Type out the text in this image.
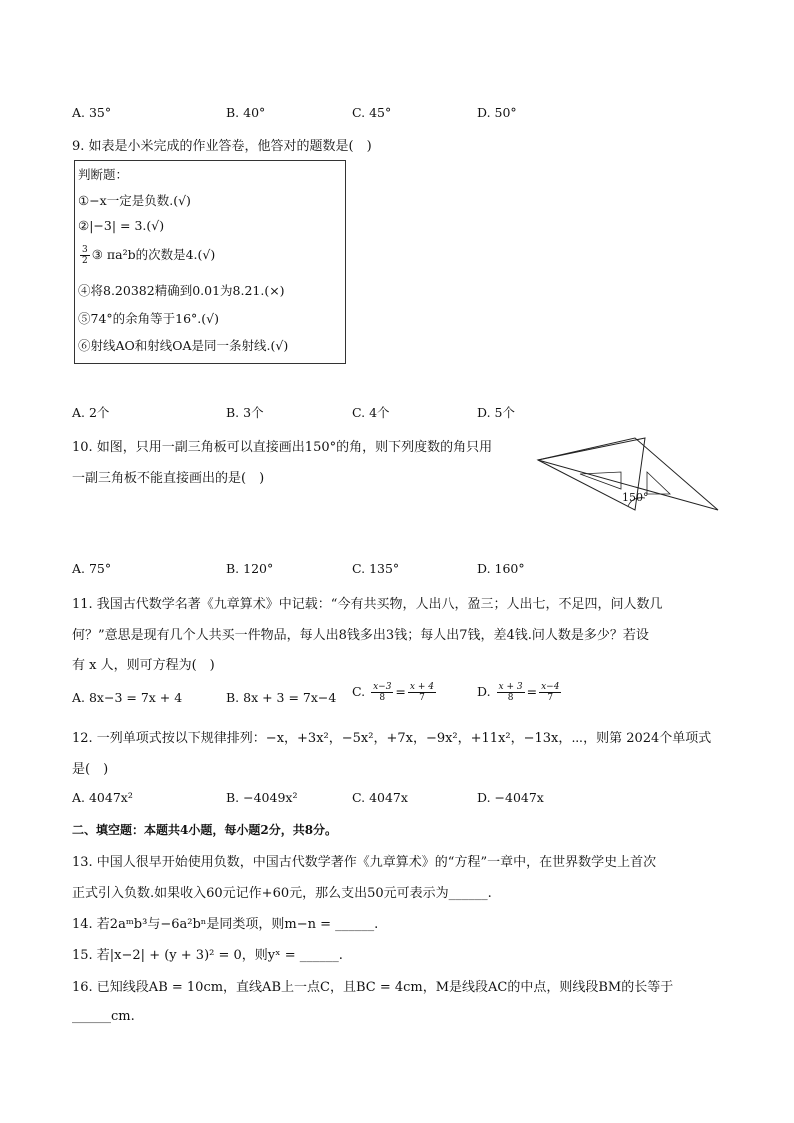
A. 35°	B. 40°	C. 45°	D. 50°
9. 如表是小米完成的作业答卷，他答对的题数是(　)
判断题：
①−x一定是负数.(√)
②|−3| = 3.(√)
$\frac{3}{2}$ ③ πa²b的次数是4.(√)
④将8.20382精确到0.01为8.21.(×)
⑤74°的余角等于16°.(√)
⑥射线AO和射线OA是同一条射线.(√)
A. 2个	B. 3个	C. 4个	D. 5个
10. 如图，只用一副三角板可以直接画出150°的角，则下列度数的角只用
一副三角板不能直接画出的是(　)
150°
A. 75°	B. 120°	C. 135°	D. 160°
11. 我国古代数学名著《九章算术》中记载：“今有共买物，人出八，盈三；人出七，不足四，问人数几
何？”意思是现有几个人共买一件物品，每人出8钱多出3钱；每人出7钱，差4钱.问人数是多少？若设
有 x 人，则可方程为(　)
A. 8x−3 = 7x + 4	B. 8x + 3 = 7x−4 C. $\frac{x-3}{8} = \frac{x + 4}{7}$	D. $\frac{x + 3}{8} = \frac{x-4}{7}$
12. 一列单项式按以下规律排列：−x，+3x²，−5x²，+7x，−9x²，+11x²，−13x，⋯，则第 2024个单项式
是(　)
A. 4047x²	B. −4049x²	C. 4047x	D. −4047x
二、填空题：本题共4小题，每小题2分，共8分。
13. 中国人很早开始使用负数，中国古代数学著作《九章算术》的“方程”一章中，在世界数学史上首次
正式引入负数.如果收入60元记作+60元，那么支出50元可表示为______.
14. 若2aᵐb³与−6a²bⁿ是同类项，则m−n = ______.
15. 若|x−2| + (y + 3)² = 0，则yˣ = ______.
16. 已知线段AB = 10cm，直线AB上一点C，且BC = 4cm，M是线段AC的中点，则线段BM的长等于
______cm.
